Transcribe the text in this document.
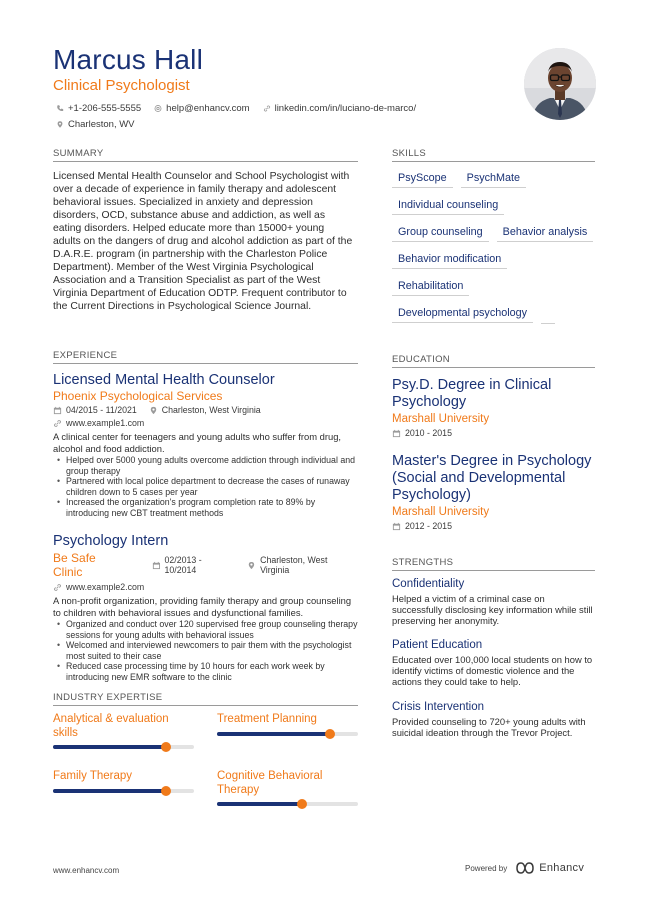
Marcus Hall
Clinical Psychologist
+1-206-555-5555	help@enhancv.com	linkedin.com/in/luciano-de-marco/
Charleston, WV
SUMMARY
Licensed Mental Health Counselor and School Psychologist with over a decade of experience in family therapy and adolescent behavioral issues. Specialized in anxiety and depression disorders, OCD, substance abuse and addiction, as well as eating disorders. Helped educate more than 15000+ young adults on the dangers of drug and alcohol addiction as part of the D.A.R.E. program (in partnership with the Charleston Police Department). Member of the West Virginia Psychological Association and a Transition Specialist as part of the West Virginia Department of Education ODTP. Frequent contributor to the Current Directions in Psychological Science Journal.
EXPERIENCE
Licensed Mental Health Counselor
Phoenix Psychological Services
04/2015 - 11/2021	Charleston, West Virginia
www.example1.com
A clinical center for teenagers and young adults who suffer from drug, alcohol and food addiction.
• Helped over 5000 young adults overcome addiction through individual and group therapy
• Partnered with local police department to decrease the cases of runaway children down to 5 cases per year
• Increased the organization's program completion rate to 89% by introducing new CBT treatment methods
Psychology Intern
Be Safe Clinic
02/2013 - 10/2014
Charleston, West Virginia
www.example2.com
A non-profit organization, providing family therapy and group counseling to children with behavioral issues and dysfunctional families.
• Organized and conduct over 120 supervised free group counseling therapy sessions for young adults with behavioral issues
• Welcomed and interviewed newcomers to pair them with the psychologist most suited to their case
• Reduced case processing time by 10 hours for each work week by introducing new EMR software to the clinic
INDUSTRY EXPERTISE
Analytical & evaluation skills
Treatment Planning
Family Therapy	Cognitive Behavioral Therapy
SKILLS
PsyScope	PsychMate
Individual counseling
Group counseling	Behavior analysis
Behavior modification
Rehabilitation
Developmental psychology
EDUCATION
Psy.D. Degree in Clinical Psychology
Marshall University
2010 - 2015
Master's Degree in Psychology (Social and Developmental Psychology)
Marshall University
2012 - 2015
STRENGTHS
Confidentiality
Helped a victim of a criminal case on successfully disclosing key information while still preserving her anonymity.
Patient Education
Educated over 100,000 local students on how to identify victims of domestic violence and the actions they could take to help.
Crisis Intervention
Provided counseling to 720+ young adults with suicidal ideation through the Trevor Project.
www.enhancv.com	Powered by	Enhancv
